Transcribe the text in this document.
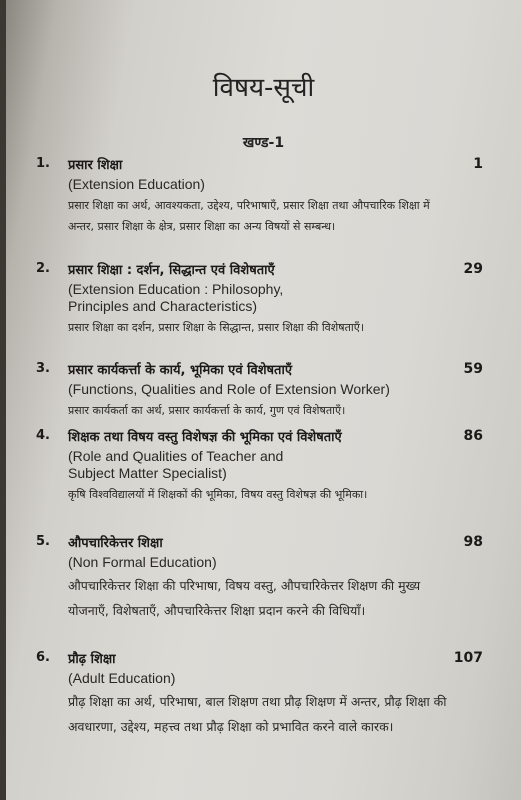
विषय-सूची
खण्ड-1
1. प्रसार शिक्षा
(Extension Education)
प्रसार शिक्षा का अर्थ, आवश्यकता, उद्देश्य, परिभाषाएँ, प्रसार शिक्षा तथा औपचारिक शिक्षा में अन्तर, प्रसार शिक्षा के क्षेत्र, प्रसार शिक्षा का अन्य विषयों से सम्बन्ध।
1
2. प्रसार शिक्षा : दर्शन, सिद्धान्त एवं विशेषताएँ
(Extension Education : Philosophy, Principles and Characteristics)
प्रसार शिक्षा का दर्शन, प्रसार शिक्षा के सिद्धान्त, प्रसार शिक्षा की विशेषताएँ।
29
3. प्रसार कार्यकर्त्ता के कार्य, भूमिका एवं विशेषताएँ
(Functions, Qualities and Role of Extension Worker)
प्रसार कार्यकर्ता का अर्थ, प्रसार कार्यकर्त्ता के कार्य, गुण एवं विशेषताएँ।
59
4. शिक्षक तथा विषय वस्तु विशेषज्ञ की भूमिका एवं विशेषताएँ
(Role and Qualities of Teacher and Subject Matter Specialist)
कृषि विश्वविद्यालयों में शिक्षकों की भूमिका, विषय वस्तु विशेषज्ञ की भूमिका।
86
5. औपचारिकेत्तर शिक्षा
(Non Formal Education)
औपचारिकेत्तर शिक्षा की परिभाषा, विषय वस्तु, औपचारिकेत्तर शिक्षण की मुख्य योजनाएँ, विशेषताएँ, औपचारिकेत्तर शिक्षा प्रदान करने की विधियाँ।
98
6. प्रौढ़ शिक्षा
(Adult Education)
प्रौढ़ शिक्षा का अर्थ, परिभाषा, बाल शिक्षण तथा प्रौढ़ शिक्षण में अन्तर, प्रौढ़ शिक्षा की अवधारणा, उद्देश्य, महत्त्व तथा प्रौढ़ शिक्षा को प्रभावित करने वाले कारक।
107
